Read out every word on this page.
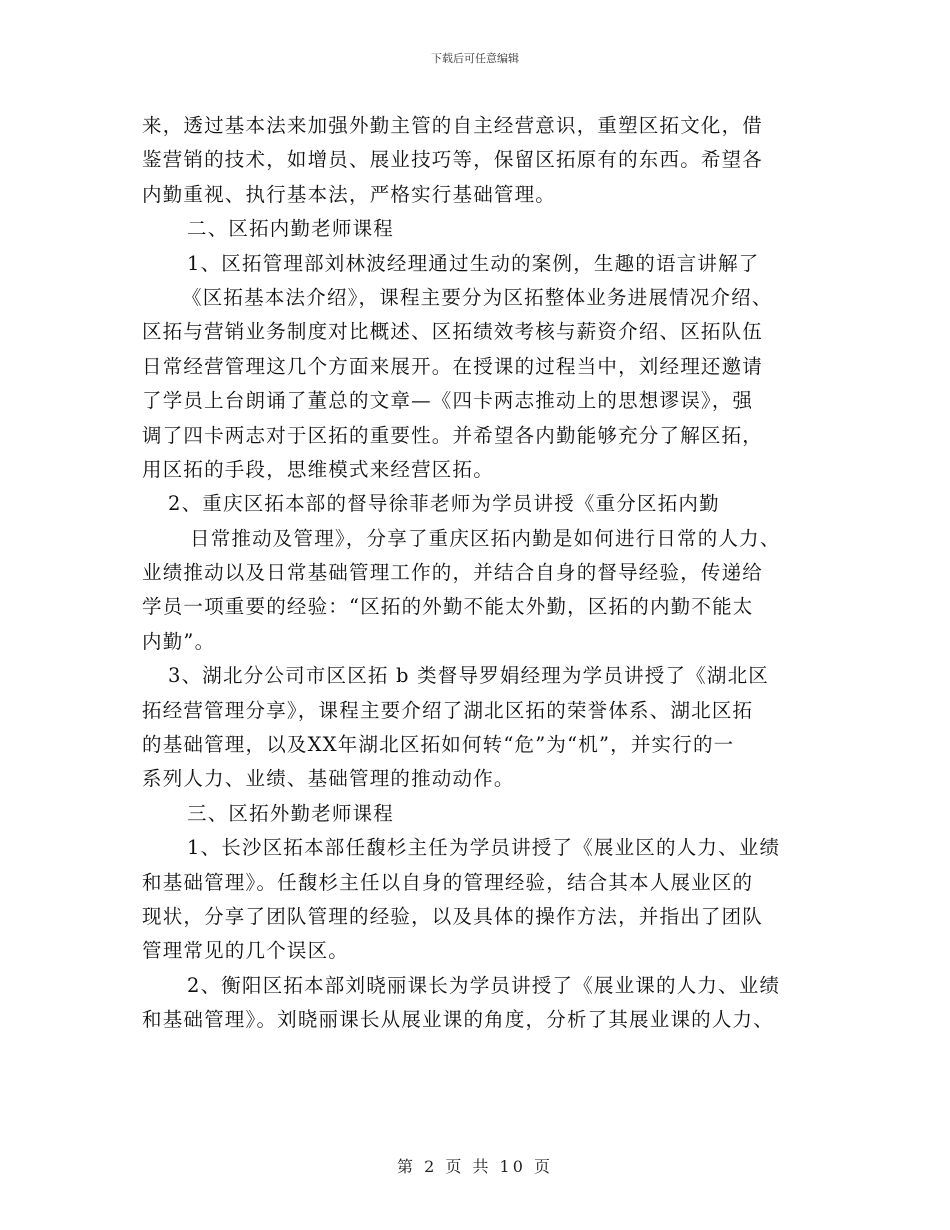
下载后可任意编辑
来，透过基本法来加强外勤主管的自主经营意识，重塑区拓文化，借
鉴营销的技术，如增员、展业技巧等，保留区拓原有的东西。希望各
内勤重视、执行基本法，严格实行基础管理。
二、区拓内勤老师课程
1、区拓管理部刘林波经理通过生动的案例，生趣的语言讲解了
《区拓基本法介绍》，课程主要分为区拓整体业务进展情况介绍、
区拓与营销业务制度对比概述、区拓绩效考核与薪资介绍、区拓队伍
日常经营管理这几个方面来展开。在授课的过程当中，刘经理还邀请
了学员上台朗诵了董总的文章—《四卡两志推动上的思想谬误》，强
调了四卡两志对于区拓的重要性。并希望各内勤能够充分了解区拓，
用区拓的手段，思维模式来经营区拓。
2、重庆区拓本部的督导徐菲老师为学员讲授《重分区拓内勤
日常推动及管理》，分享了重庆区拓内勤是如何进行日常的人力、
业绩推动以及日常基础管理工作的，并结合自身的督导经验，传递给
学员一项重要的经验：“区拓的外勤不能太外勤，区拓的内勤不能太
内勤”。
3、湖北分公司市区区拓 b 类督导罗娟经理为学员讲授了《湖北区
拓经营管理分享》，课程主要介绍了湖北区拓的荣誉体系、湖北区拓
的基础管理，以及XX年湖北区拓如何转“危”为“机”，并实行的一
系列人力、业绩、基础管理的推动动作。
三、区拓外勤老师课程
1、长沙区拓本部任馥杉主任为学员讲授了《展业区的人力、业绩
和基础管理》。任馥杉主任以自身的管理经验，结合其本人展业区的
现状，分享了团队管理的经验，以及具体的操作方法，并指出了团队
管理常见的几个误区。
2、衡阳区拓本部刘晓丽课长为学员讲授了《展业课的人力、业绩
和基础管理》。刘晓丽课长从展业课的角度，分析了其展业课的人力、
第 2 页 共 10 页
